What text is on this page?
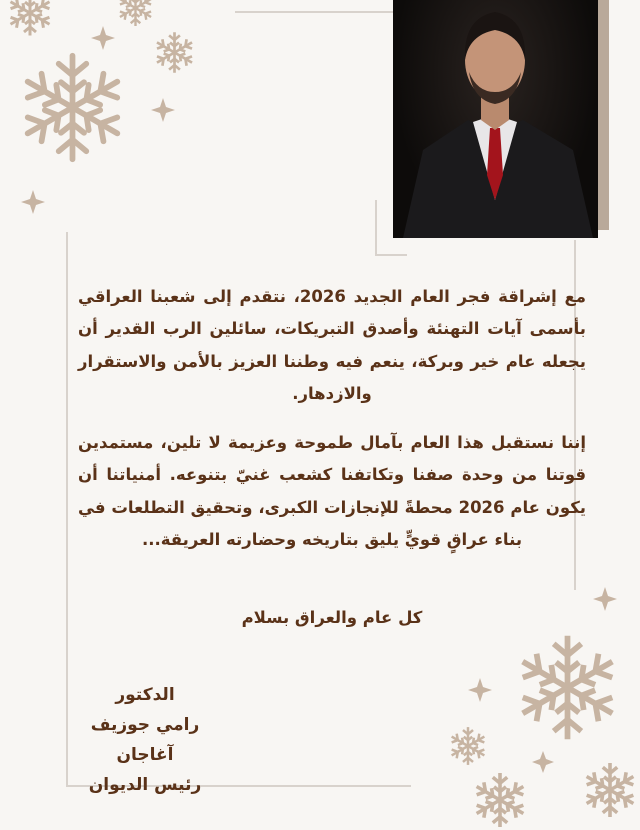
مع إشراقة فجر العام الجديد 2026، نتقدم إلى شعبنا العراقي بأسمى آيات التهنئة وأصدق التبريكات، سائلين الرب القدير أن يجعله عام خير وبركة، ينعم فيه وطننا العزيز بالأمن والاستقرار والازدهار.

إننا نستقبل هذا العام بآمال طموحة وعزيمة لا تلين، مستمدين قوتنا من وحدة صفنا وتكاتفنا كشعب غنيّ بتنوعه. أمنياتنا أن يكون عام 2026 محطةً للإنجازات الكبرى، وتحقيق التطلعات في بناء عراقٍ قويٍّ يليق بتاريخه وحضارته العريقة...

كل عام والعراق بسلام
الدكتور
رامي جوزيف آغاجان
رئيس الديوان
